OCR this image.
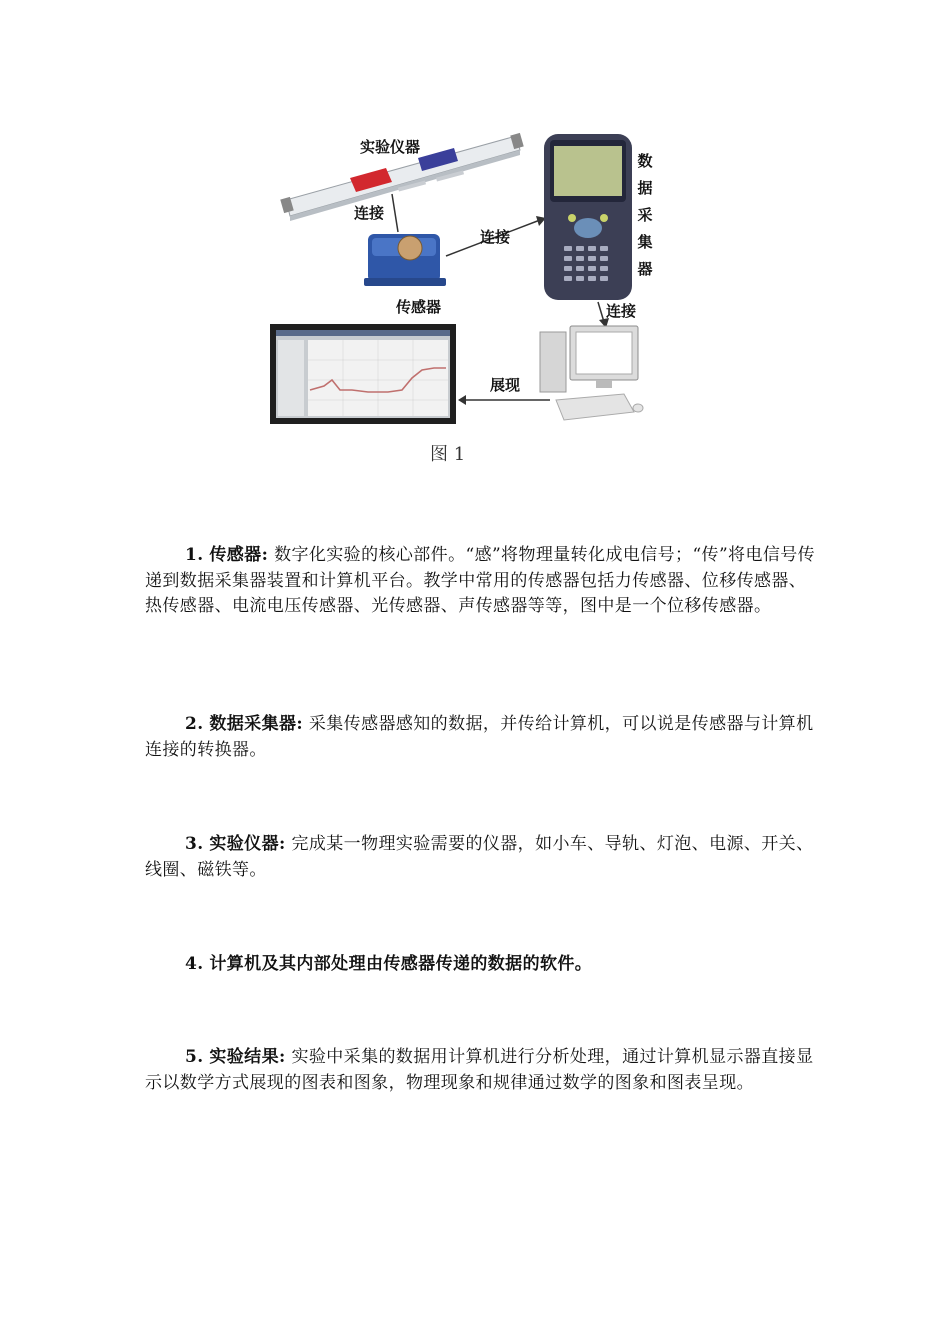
实验仪器
连接
连接
连接
传感器
展现
数
据
采
集
器
图 1

1. 传感器: 数字化实验的核心部件。“感”将物理量转化成电信号；“传”将电信号传递到数据采集器装置和计算机平台。教学中常用的传感器包括力传感器、位移传感器、热传感器、电流电压传感器、光传感器、声传感器等等，图中是一个位移传感器。

2. 数据采集器: 采集传感器感知的数据，并传给计算机，可以说是传感器与计算机连接的转换器。

3. 实验仪器: 完成某一物理实验需要的仪器，如小车、导轨、灯泡、电源、开关、线圈、磁铁等。

4. 计算机及其内部处理由传感器传递的数据的软件。

5. 实验结果: 实验中采集的数据用计算机进行分析处理，通过计算机显示器直接显示以数学方式展现的图表和图象，物理现象和规律通过数学的图象和图表呈现。
